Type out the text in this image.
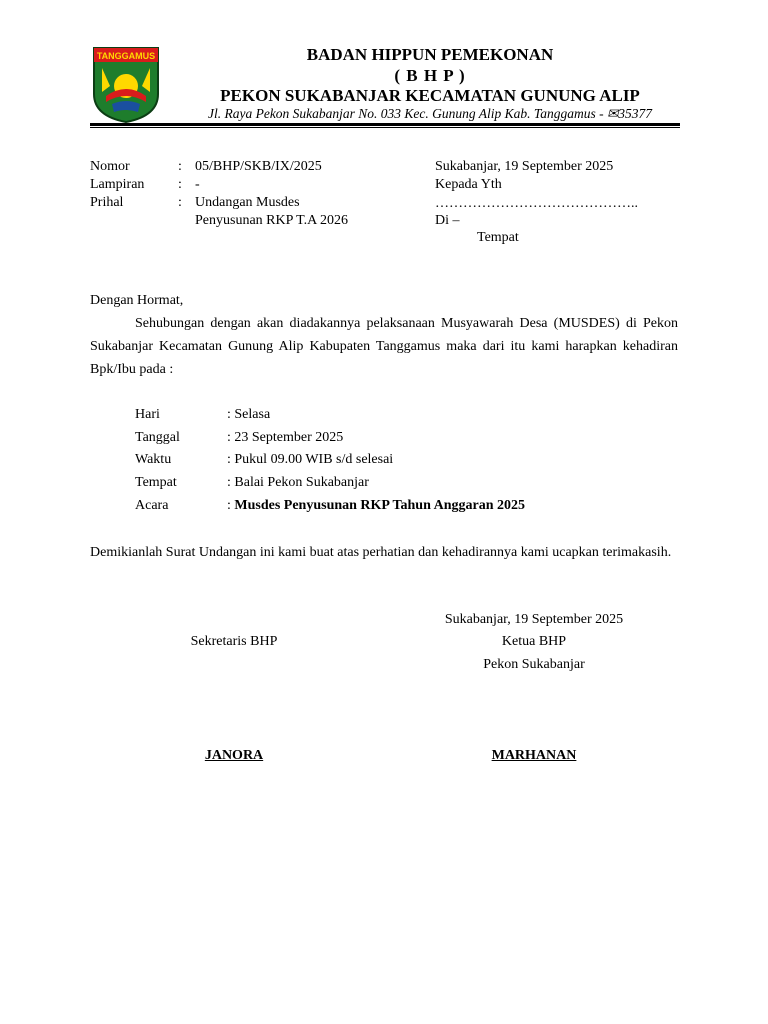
TANGGAMUS	BADAN HIPPUN PEMEKONAN
( B H P )
PEKON SUKABANJAR KECAMATAN GUNUNG ALIP
Jl. Raya Pekon Sukabanjar No. 033 Kec. Gunung Alip Kab. Tanggamus - ✉35377
Nomor	: 05/BHP/SKB/IX/2025
Lampiran : -
Prihal	: Undangan Musdes
Penyusunan RKP T.A 2026
Sukabanjar, 19 September 2025
Kepada Yth
……………………………………..
Di –
Tempat
Dengan Hormat,
Sehubungan dengan akan diadakannya pelaksanaan Musyawarah Desa (MUSDES) di Pekon Sukabanjar Kecamatan Gunung Alip Kabupaten Tanggamus maka dari itu kami harapkan kehadiran Bpk/Ibu pada :
Hari	: Selasa
Tanggal	: 23 September 2025
Waktu	: Pukul 09.00 WIB s/d selesai
Tempat	: Balai Pekon Sukabanjar
Acara	: Musdes Penyusunan RKP Tahun Anggaran 2025
Demikianlah Surat Undangan ini kami buat atas perhatian dan kehadirannya kami ucapkan terimakasih.
Sukabanjar, 19 September 2025
Sekretaris BHP	Ketua BHP
Pekon Sukabanjar
JANORA	MARHANAN
